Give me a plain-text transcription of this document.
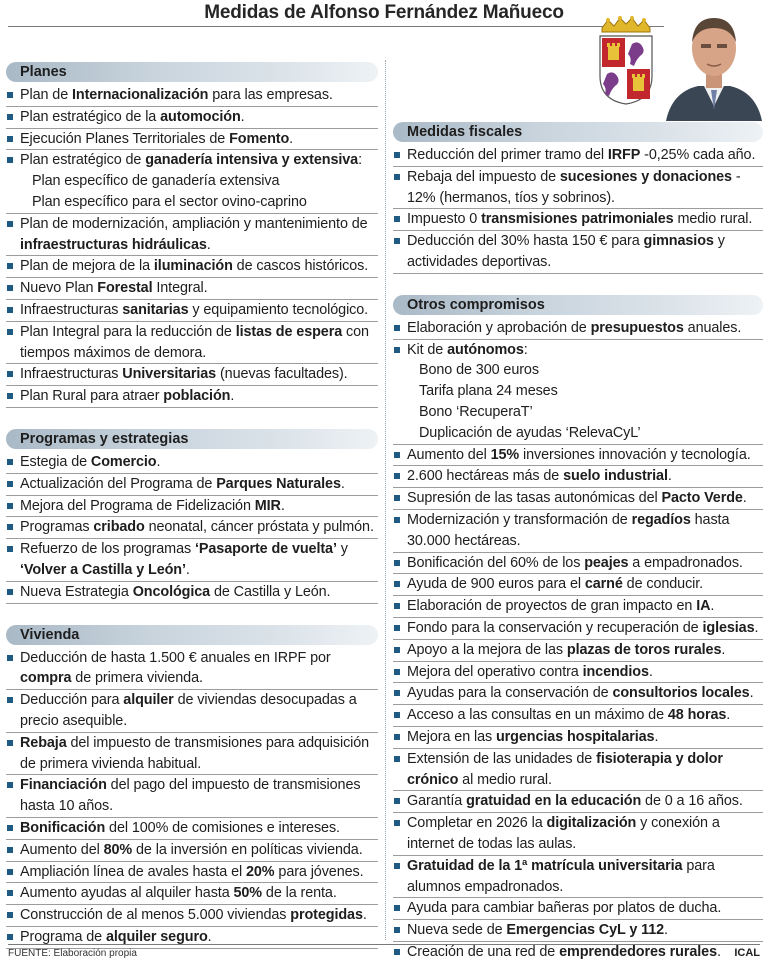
Medidas de Alfonso Fernández Mañueco
Planes
Plan de Internacionalización para las empresas.
Plan estratégico de la automoción.
Ejecución Planes Territoriales de Fomento.
Plan estratégico de ganadería intensiva y extensiva:
Plan específico de ganadería extensiva
Plan específico para el sector ovino-caprino
Plan de modernización, ampliación y mantenimiento de infraestructuras hidráulicas.
Plan de mejora de la iluminación de cascos históricos.
Nuevo Plan Forestal Integral.
Infraestructuras sanitarias y equipamiento tecnológico.
Plan Integral para la reducción de listas de espera con tiempos máximos de demora.
Infraestructuras Universitarias (nuevas facultades).
Plan Rural para atraer población.
Programas y estrategias
Estegia de Comercio.
Actualización del Programa de Parques Naturales.
Mejora del Programa de Fidelización MIR.
Programas cribado neonatal, cáncer próstata y pulmón.
Refuerzo de los programas ‘Pasaporte de vuelta’ y ‘Volver a Castilla y León’.
Nueva Estrategia Oncológica de Castilla y León.
Vivienda
Deducción de hasta 1.500 € anuales en IRPF por compra de primera vivienda.
Deducción para alquiler de viviendas desocupadas a precio asequible.
Rebaja del impuesto de transmisiones para adquisición de primera vivienda habitual.
Financiación del pago del impuesto de transmisiones hasta 10 años.
Bonificación del 100% de comisiones e intereses.
Aumento del 80% de la inversión en políticas vivienda.
Ampliación línea de avales hasta el 20% para jóvenes.
Aumento ayudas al alquiler hasta 50% de la renta.
Construcción de al menos 5.000 viviendas protegidas.
Programa de alquiler seguro.
Medidas fiscales
Reducción del primer tramo del IRFP -0,25% cada año.
Rebaja del impuesto de sucesiones y donaciones - 12% (hermanos, tíos y sobrinos).
Impuesto 0 transmisiones patrimoniales medio rural.
Deducción del 30% hasta 150 € para gimnasios y actividades deportivas.
Otros compromisos
Elaboración y aprobación de presupuestos anuales.
Kit de autónomos:
Bono de 300 euros
Tarifa plana 24 meses
Bono ‘RecuperaT’
Duplicación de ayudas ‘RelevaCyL’
Aumento del 15% inversiones innovación y tecnología.
2.600 hectáreas más de suelo industrial.
Supresión de las tasas autonómicas del Pacto Verde.
Modernización y transformación de regadíos hasta 30.000 hectáreas.
Bonificación del 60% de los peajes a empadronados.
Ayuda de 900 euros para el carné de conducir.
Elaboración de proyectos de gran impacto en IA.
Fondo para la conservación y recuperación de iglesias.
Apoyo a la mejora de las plazas de toros rurales.
Mejora del operativo contra incendios.
Ayudas para la conservación de consultorios locales.
Acceso a las consultas en un máximo de 48 horas.
Mejora en las urgencias hospitalarias.
Extensión de las unidades de fisioterapia y dolor crónico al medio rural.
Garantía gratuidad en la educación de 0 a 16 años.
Completar en 2026 la digitalización y conexión a internet de todas las aulas.
Gratuidad de la 1ª matrícula universitaria para alumnos empadronados.
Ayuda para cambiar bañeras por platos de ducha.
Nueva sede de Emergencias CyL y 112.
Creación de una red de emprendedores rurales.
FUENTE: Elaboración propia	ICAL
